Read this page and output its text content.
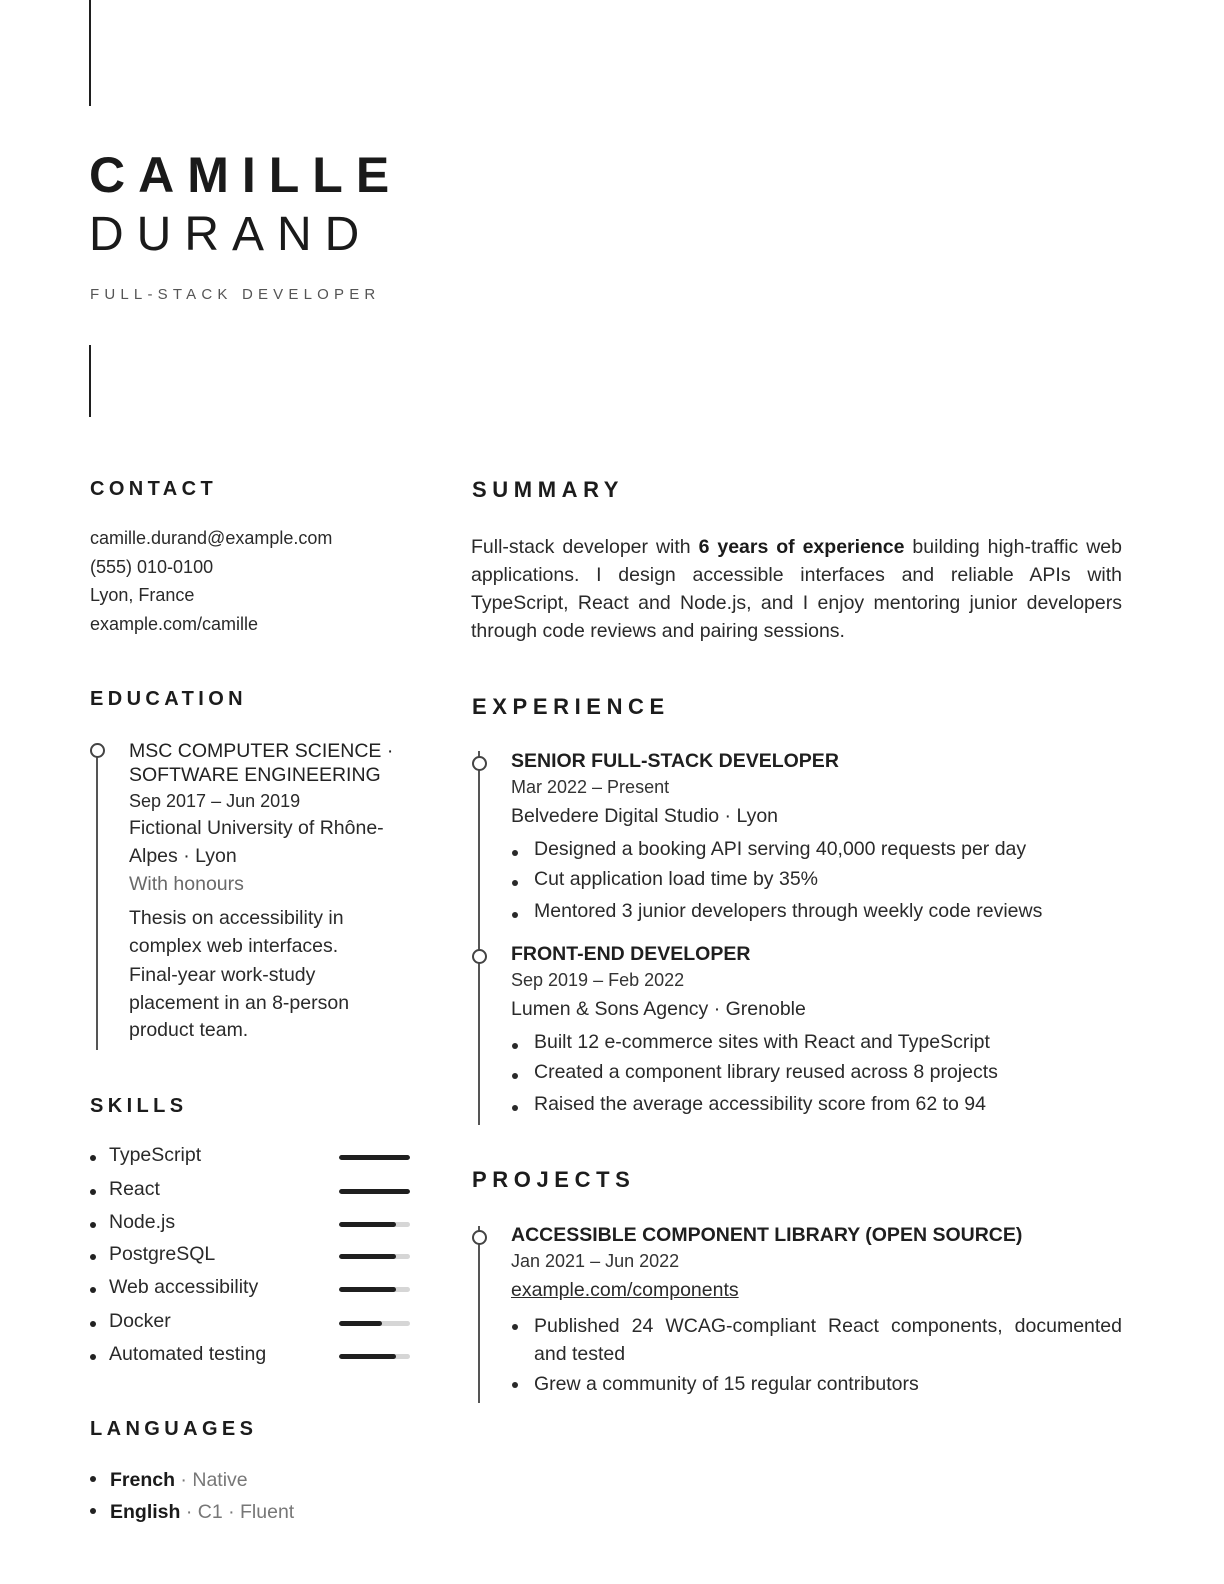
CAMILLE
DURAND
FULL-STACK DEVELOPER
CONTACT
camille.durand@example.com
(555) 010-0100
Lyon, France
example.com/camille
EDUCATION
MSC COMPUTER SCIENCE · SOFTWARE ENGINEERING
Sep 2017 – Jun 2019
Fictional University of Rhône-
Alpes · Lyon
With honours
Thesis on accessibility in
complex web interfaces.
Final-year work-study
placement in an 8-person
product team.
SKILLS
TypeScript
React
Node.js
PostgreSQL
Web accessibility
Docker
Automated testing
LANGUAGES
French · Native
English · C1 · Fluent
SUMMARY
Full-stack developer with 6 years of experience building high-traffic web applications. I design accessible interfaces and reliable APIs with TypeScript, React and Node.js, and I enjoy mentoring junior developers through code reviews and pairing sessions.
EXPERIENCE
SENIOR FULL-STACK DEVELOPER
Mar 2022 – Present
Belvedere Digital Studio · Lyon
Designed a booking API serving 40,000 requests per day
Cut application load time by 35%
Mentored 3 junior developers through weekly code reviews
FRONT-END DEVELOPER
Sep 2019 – Feb 2022
Lumen & Sons Agency · Grenoble
Built 12 e-commerce sites with React and TypeScript
Created a component library reused across 8 projects
Raised the average accessibility score from 62 to 94
PROJECTS
ACCESSIBLE COMPONENT LIBRARY (OPEN SOURCE)
Jan 2021 – Jun 2022
example.com/components
Published 24 WCAG-compliant React components, documented and tested
Grew a community of 15 regular contributors
